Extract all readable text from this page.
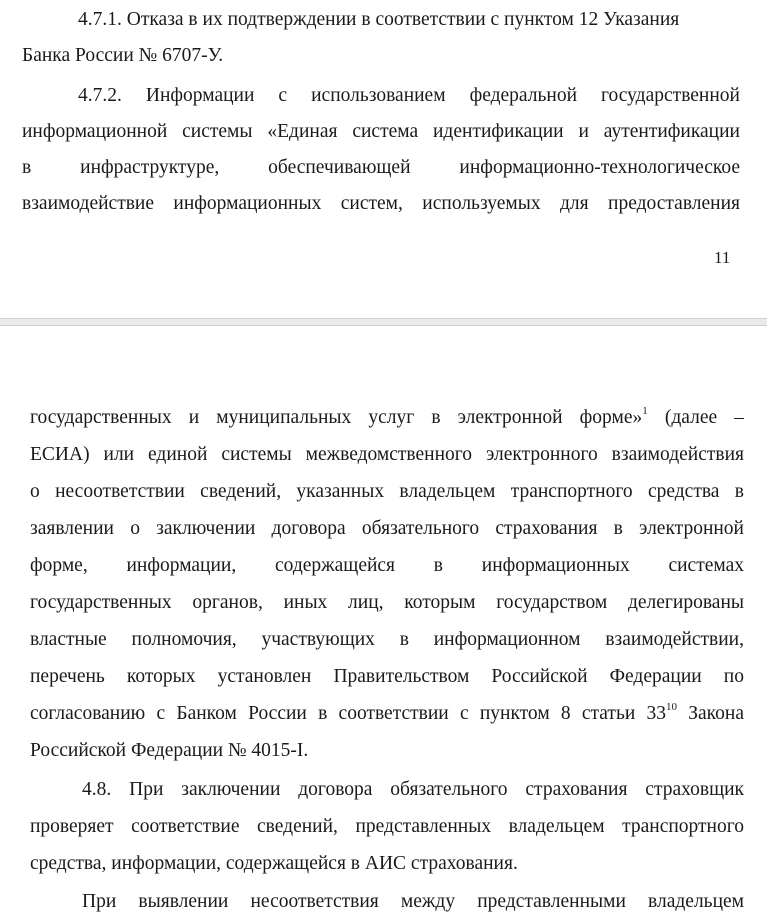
4.7.1. Отказа в их подтверждении в соответствии с пунктом 12 Указания

Банка России № 6707-У.

4.7.2. Информации с использованием федеральной государственной

информационной системы «Единая система идентификации и аутентификации

в инфраструктуре, обеспечивающей информационно-технологическое

взаимодействие информационных систем, используемых для предоставления

11

государственных и муниципальных услуг в электронной форме»$^1$ (далее –

ЕСИА) или единой системы межведомственного электронного взаимодействия

о несоответствии сведений, указанных владельцем транспортного средства в

заявлении о заключении договора обязательного страхования в электронной

форме, информации, содержащейся в информационных системах

государственных органов, иных лиц, которым государством делегированы

властные полномочия, участвующих в информационном взаимодействии,

перечень которых установлен Правительством Российской Федерации по

согласованию с Банком России в соответствии с пунктом 8 статьи $33^{10}$ Закона

Российской Федерации № 4015-I.

4.8. При заключении договора обязательного страхования страховщик

проверяет соответствие сведений, представленных владельцем транспортного

средства, информации, содержащейся в АИС страхования.

При выявлении несоответствия между представленными владельцем
